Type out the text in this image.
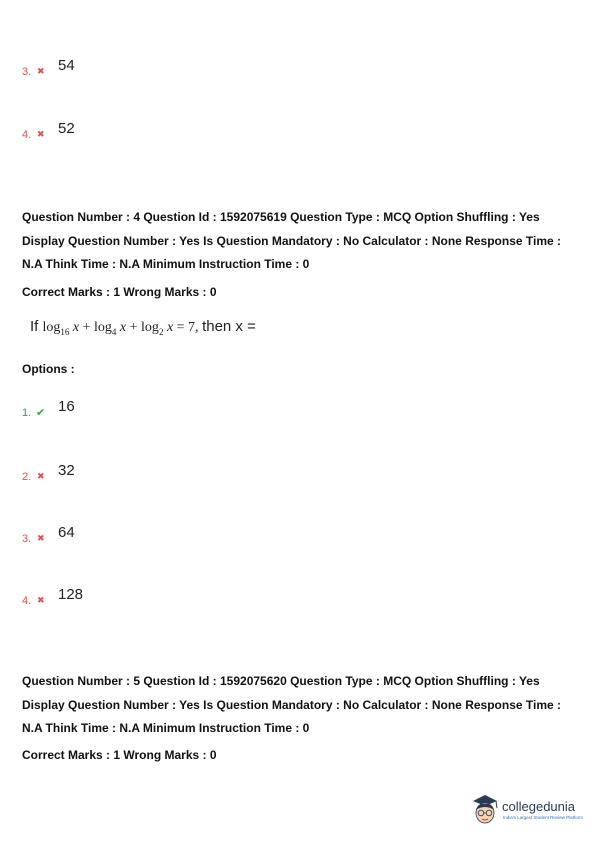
3. ✖ 54
4. ✖ 52
Question Number : 4 Question Id : 1592075619 Question Type : MCQ Option Shuffling : Yes Display Question Number : Yes Is Question Mandatory : No Calculator : None Response Time : N.A Think Time : N.A Minimum Instruction Time : 0
Correct Marks : 1 Wrong Marks : 0
If $\log_{16} x + \log_4 x + \log_2 x = 7$, then x =
Options :
1. ✔ 16
2. ✖ 32
3. ✖ 64
4. ✖ 128
Question Number : 5 Question Id : 1592075620 Question Type : MCQ Option Shuffling : Yes Display Question Number : Yes Is Question Mandatory : No Calculator : None Response Time : N.A Think Time : N.A Minimum Instruction Time : 0
Correct Marks : 1 Wrong Marks : 0
collegedunia
India's Largest Student Review Platform
